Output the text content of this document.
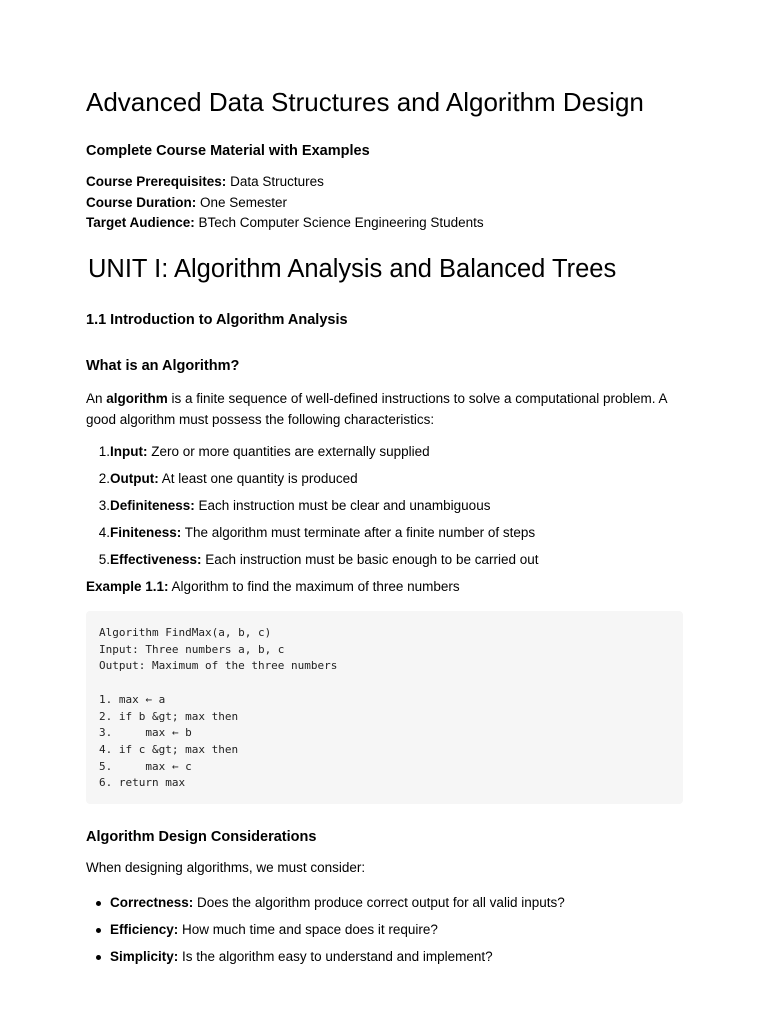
Advanced Data Structures and Algorithm Design
Complete Course Material with Examples
Course Prerequisites: Data Structures
Course Duration: One Semester
Target Audience: BTech Computer Science Engineering Students
UNIT I: Algorithm Analysis and Balanced Trees
1.1 Introduction to Algorithm Analysis
What is an Algorithm?
An algorithm is a finite sequence of well-defined instructions to solve a computational problem. A good algorithm must possess the following characteristics:
1. Input: Zero or more quantities are externally supplied
2. Output: At least one quantity is produced
3. Definiteness: Each instruction must be clear and unambiguous
4. Finiteness: The algorithm must terminate after a finite number of steps
5. Effectiveness: Each instruction must be basic enough to be carried out
Example 1.1: Algorithm to find the maximum of three numbers
Algorithm FindMax(a, b, c)
Input: Three numbers a, b, c
Output: Maximum of the three numbers
1. max ← a
2. if b &gt; max then
3.     max ← b
4. if c &gt; max then
5.     max ← c
6. return max
Algorithm Design Considerations
When designing algorithms, we must consider:
Correctness: Does the algorithm produce correct output for all valid inputs?
Efficiency: How much time and space does it require?
Simplicity: Is the algorithm easy to understand and implement?
